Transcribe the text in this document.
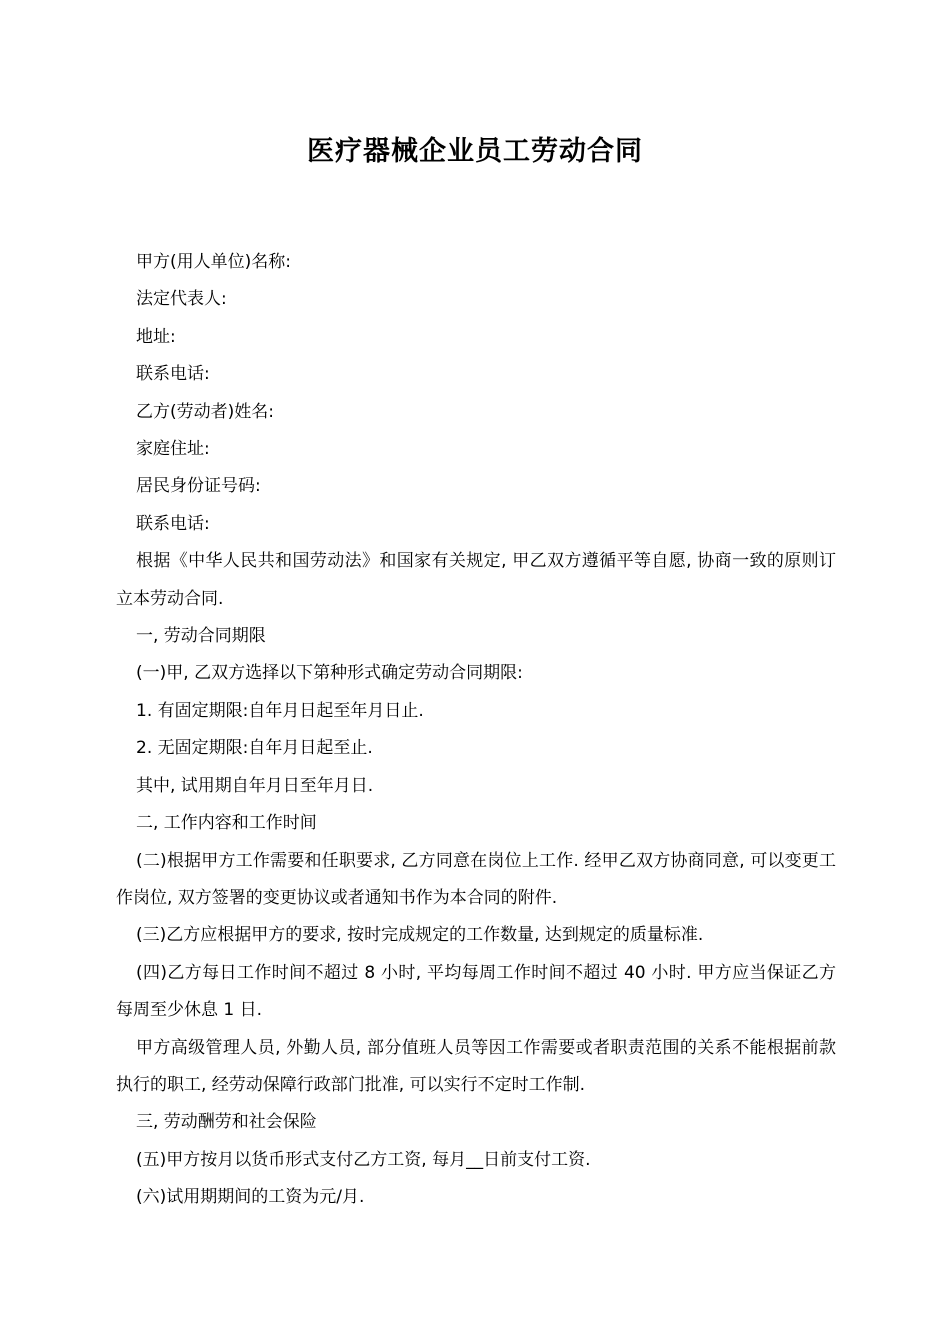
医疗器械企业员工劳动合同

甲方(用人单位)名称:

法定代表人:

地址:

联系电话:

乙方(劳动者)姓名:

家庭住址:

居民身份证号码:

联系电话:

根据《中华人民共和国劳动法》和国家有关规定, 甲乙双方遵循平等自愿, 协商一致的原则订立本劳动合同.

一, 劳动合同期限

(一)甲, 乙双方选择以下第种形式确定劳动合同期限:

1. 有固定期限:自年月日起至年月日止.

2. 无固定期限:自年月日起至止.

其中, 试用期自年月日至年月日.

二, 工作内容和工作时间

(二)根据甲方工作需要和任职要求, 乙方同意在岗位上工作. 经甲乙双方协商同意, 可以变更工作岗位, 双方签署的变更协议或者通知书作为本合同的附件.

(三)乙方应根据甲方的要求, 按时完成规定的工作数量, 达到规定的质量标准.

(四)乙方每日工作时间不超过 8 小时, 平均每周工作时间不超过 40 小时. 甲方应当保证乙方每周至少休息 1 日.

甲方高级管理人员, 外勤人员, 部分值班人员等因工作需要或者职责范围的关系不能根据前款执行的职工, 经劳动保障行政部门批准, 可以实行不定时工作制.

三, 劳动酬劳和社会保险

(五)甲方按月以货币形式支付乙方工资, 每月__日前支付工资.

(六)试用期期间的工资为元/月.
